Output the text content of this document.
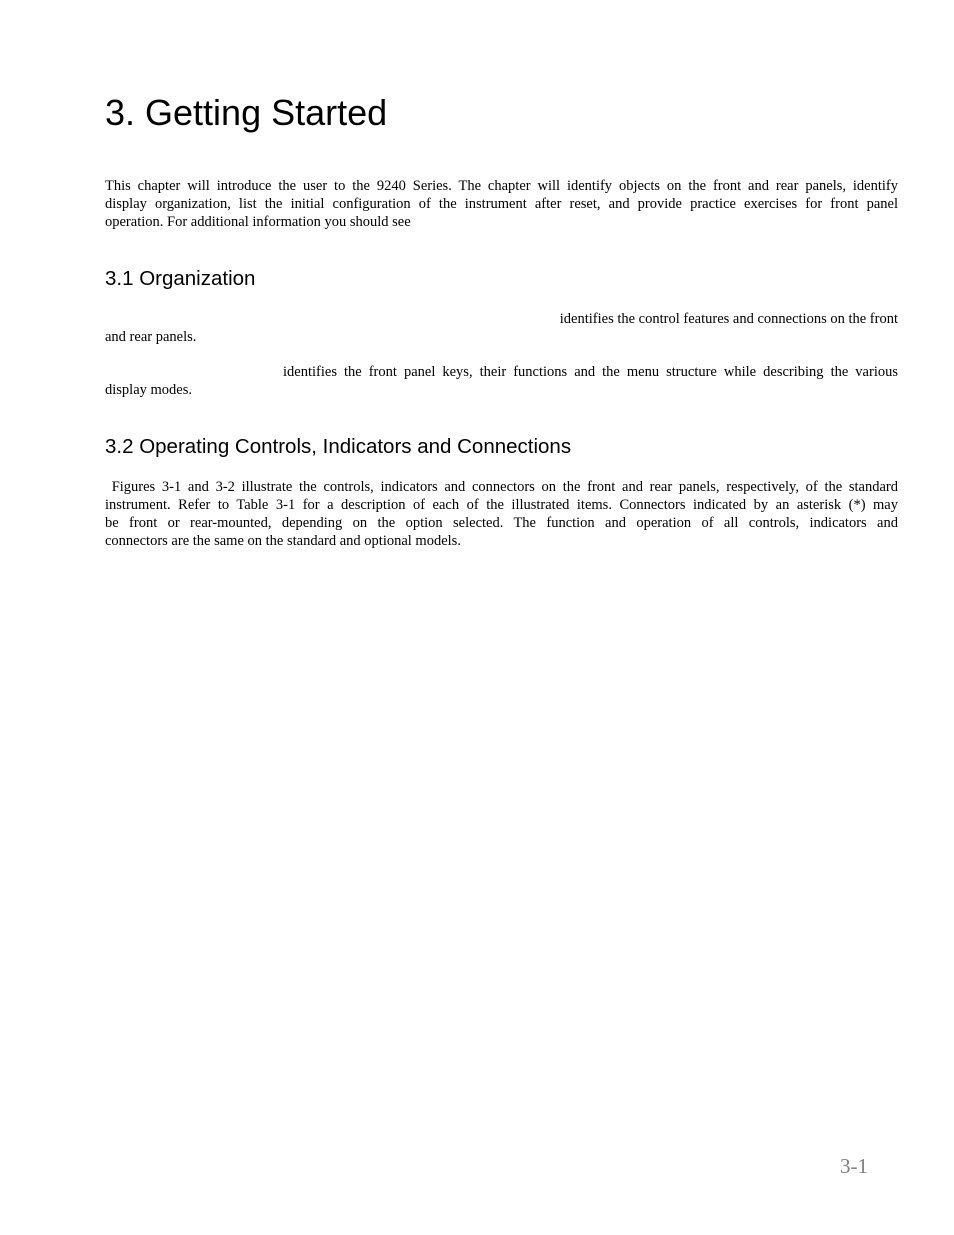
3. Getting Started

This chapter will introduce the user to the 9240 Series. The chapter will identify objects on the front and rear panels, identify
display organization, list the initial configuration of the instrument after reset, and provide practice exercises for front panel
operation. For additional information you should see

3.1 Organization

identifies the control features and connections on the front
and rear panels.

identifies the front panel keys, their functions and the menu structure while describing the various
display modes.

3.2 Operating Controls, Indicators and Connections

Figures 3-1 and 3-2 illustrate the controls, indicators and connectors on the front and rear panels, respectively, of the standard
instrument. Refer to Table 3-1 for a description of each of the illustrated items. Connectors indicated by an asterisk (*) may
be front or rear-mounted, depending on the option selected. The function and operation of all controls, indicators and
connectors are the same on the standard and optional models.

3-1
